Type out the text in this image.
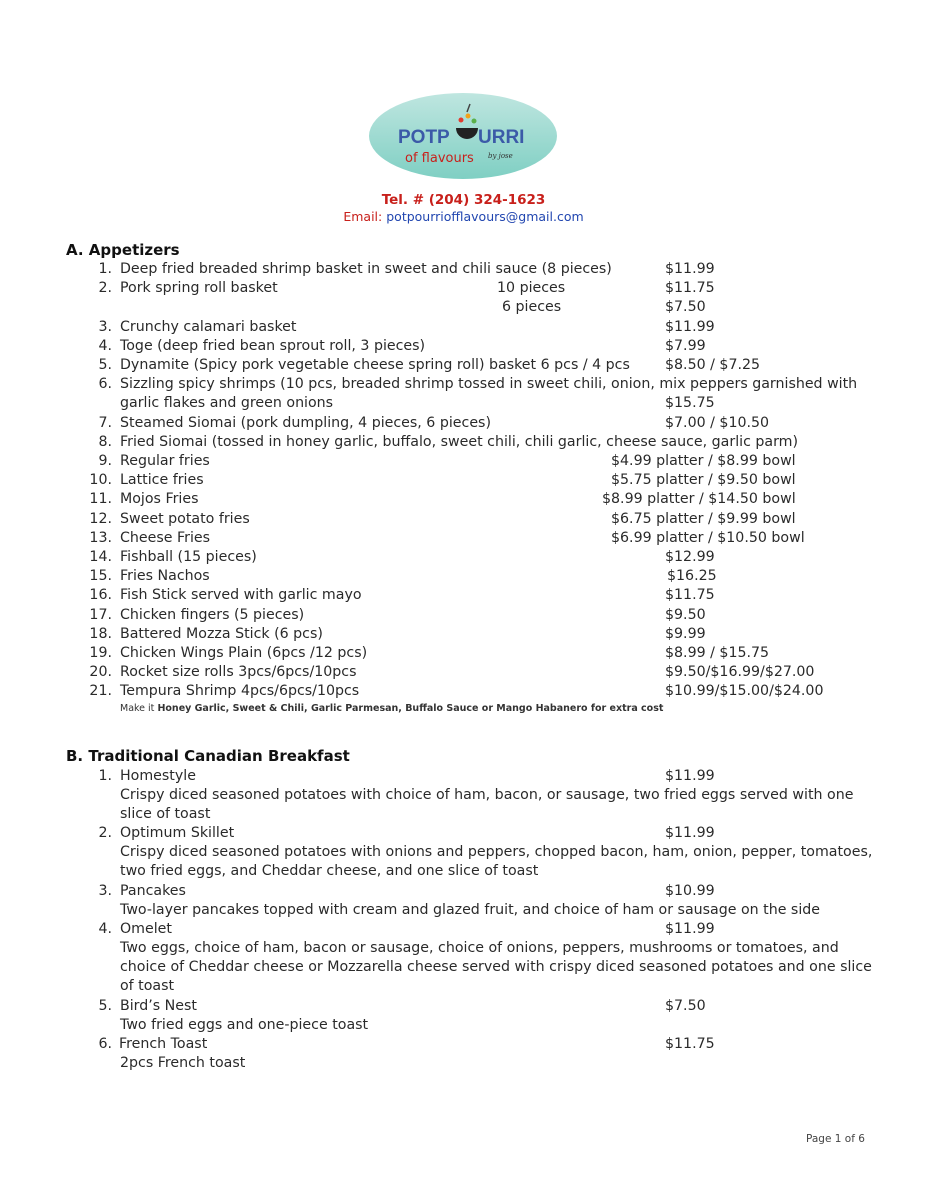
POTP URRI
of flavours by jose
Tel. # (204) 324-1623
Email: potpourriofflavours@gmail.com
A. Appetizers
1. Deep fried breaded shrimp basket in sweet and chili sauce (8 pieces)	$11.99
2. Pork spring roll basket	10 pieces	$11.75
6 pieces	$7.50
3. Crunchy calamari basket	$11.99
4. Toge (deep fried bean sprout roll, 3 pieces)	$7.99
5. Dynamite (Spicy pork vegetable cheese spring roll) basket 6 pcs / 4 pcs $8.50 / $7.25
6. Sizzling spicy shrimps (10 pcs, breaded shrimp tossed in sweet chili, onion, mix peppers garnished with
garlic flakes and green onions	$15.75
7. Steamed Siomai (pork dumpling, 4 pieces, 6 pieces)	$7.00 / $10.50
8. Fried Siomai (tossed in honey garlic, buffalo, sweet chili, chili garlic, cheese sauce, garlic parm)
9. Regular fries	$4.99 platter / $8.99 bowl
10. Lattice fries	$5.75 platter / $9.50 bowl
11. Mojos Fries	$8.99 platter / $14.50 bowl
12. Sweet potato fries	$6.75 platter / $9.99 bowl
13. Cheese Fries	$6.99 platter / $10.50 bowl
14. Fishball (15 pieces)	$12.99
15. Fries Nachos	$16.25
16. Fish Stick served with garlic mayo	$11.75
17. Chicken fingers (5 pieces)	$9.50
18. Battered Mozza Stick (6 pcs)	$9.99
19. Chicken Wings Plain (6pcs /12 pcs)	$8.99 / $15.75
20. Rocket size rolls 3pcs/6pcs/10pcs	$9.50/$16.99/$27.00
21. Tempura Shrimp 4pcs/6pcs/10pcs	$10.99/$15.00/$24.00
Make it Honey Garlic, Sweet & Chili, Garlic Parmesan, Buffalo Sauce or Mango Habanero for extra cost
B. Traditional Canadian Breakfast
1. Homestyle	$11.99
Crispy diced seasoned potatoes with choice of ham, bacon, or sausage, two fried eggs served with one slice of toast
2. Optimum Skillet	$11.99
Crispy diced seasoned potatoes with onions and peppers, chopped bacon, ham, onion, pepper, tomatoes, two fried eggs, and Cheddar cheese, and one slice of toast
3. Pancakes	$10.99
Two-layer pancakes topped with cream and glazed fruit, and choice of ham or sausage on the side
4. Omelet	$11.99
Two eggs, choice of ham, bacon or sausage, choice of onions, peppers, mushrooms or tomatoes, and choice of Cheddar cheese or Mozzarella cheese served with crispy diced seasoned potatoes and one slice of toast
5. Bird’s Nest	$7.50
Two fried eggs and one-piece toast
6. French Toast	$11.75
2pcs French toast
Page 1 of 6
